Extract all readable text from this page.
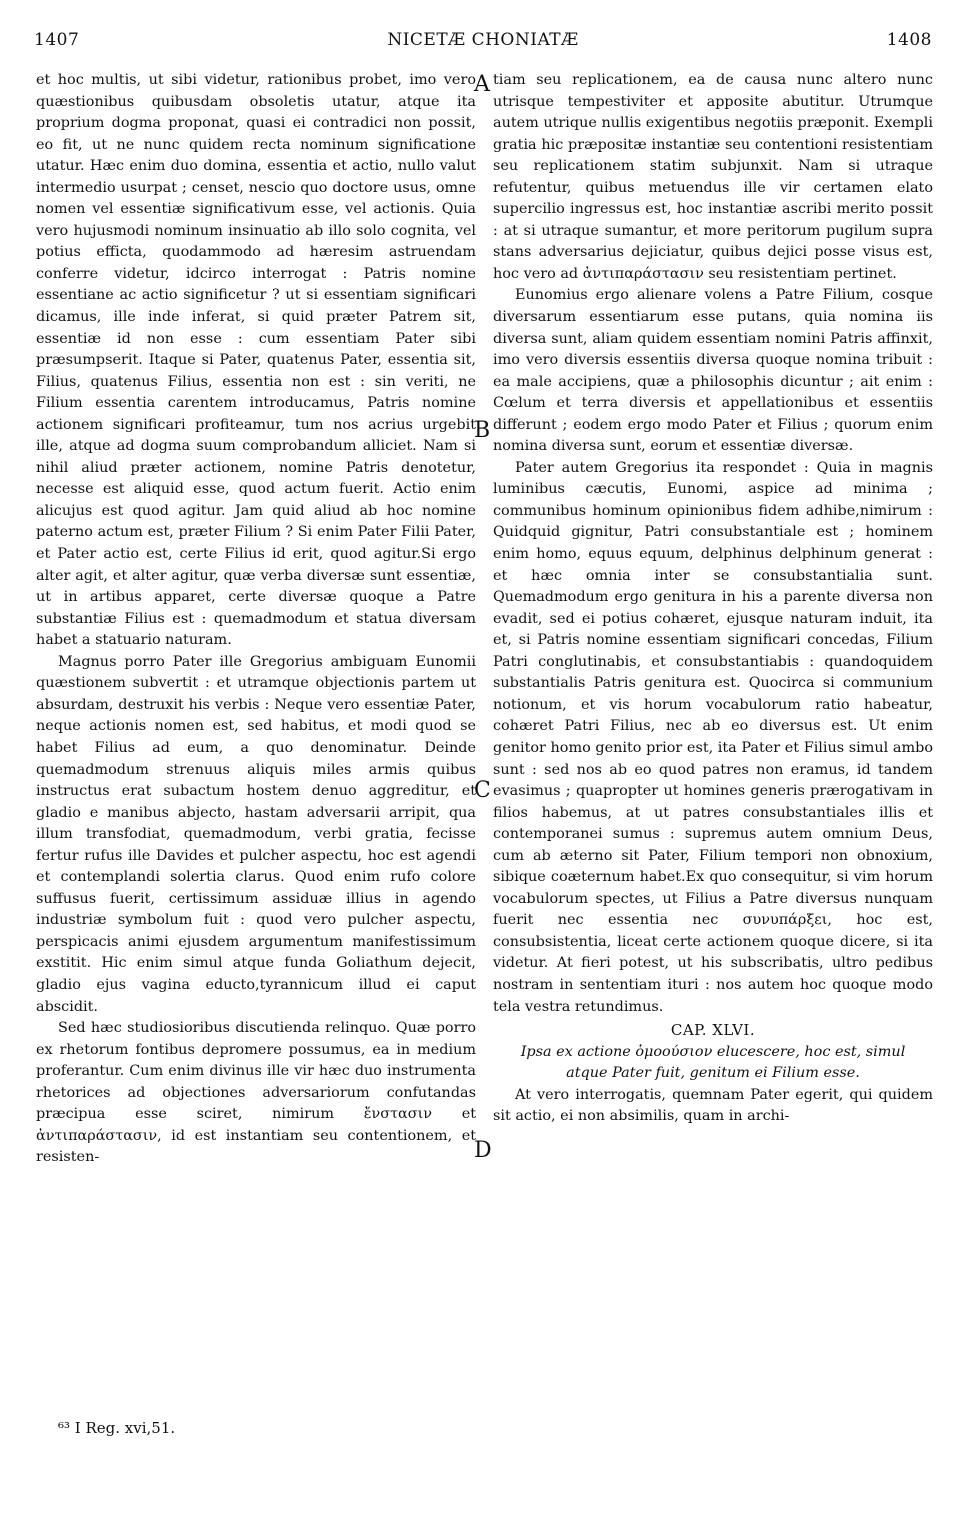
1407	NICETÆ CHONIATÆ	1408

et hoc multis, ut sibi videtur, rationibus probet, imo vero quæstionibus quibusdam obsoletis utatur, atque ita proprium dogma proponat, quasi ei contradici non possit, eo fit, ut ne nunc quidem recta nominum significatione utatur. Hæc enim duo domina, essentia et actio, nullo valut intermedio usurpat ; censet, nescio quo doctore usus, omne nomen vel essentiæ significativum esse, vel actionis. Quia vero hujusmodi nominum insinuatio ab illo solo cognita, vel potius efficta, quodammodo ad hæresim astruendam conferre videtur, idcirco interrogat : Patris nomine essentiane ac actio significetur ? ut si essentiam significari dicamus, ille inde inferat, si quid præter Patrem sit, essentiæ id non esse : cum essentiam Pater sibi præsumpserit. Itaque si Pater, quatenus Pater, essentia sit, Filius, quatenus Filius, essentia non est : sin veriti, ne Filium essentia carentem introducamus, Patris nomine actionem significari profiteamur, tum nos acrius urgebit ille, atque ad dogma suum comprobandum alliciet. Nam si nihil aliud præter actionem, nomine Patris denotetur, necesse est aliquid esse, quod actum fuerit. Actio enim alicujus est quod agitur. Jam quid aliud ab hoc nomine paterno actum est, præter Filium ? Si enim Pater Filii Pater, et Pater actio est, certe Filius id erit, quod agitur.Si ergo alter agit, et alter agitur, quæ verba diversæ sunt essentiæ, ut in artibus apparet, certe diversæ quoque a Patre substantiæ Filius est : quemadmodum et statua diversam habet a statuario naturam.

Magnus porro Pater ille Gregorius ambiguam Eunomii quæstionem subvertit : et utramque objectionis partem ut absurdam, destruxit his verbis : Neque vero essentiæ Pater, neque actionis nomen est, sed habitus, et modi quod se habet Filius ad eum, a quo denominatur. Deinde quemadmodum strenuus aliquis miles armis quibus instructus erat subactum hostem denuo aggreditur, et gladio e manibus abjecto, hastam adversarii arripit, qua illum transfodiat, quemadmodum, verbi gratia, fecisse fertur rufus ille Davides et pulcher aspectu, hoc est agendi et contemplandi solertia clarus. Quod enim rufo colore suffusus fuerit, certissimum assiduæ illius in agendo industriæ symbolum fuit : quod vero pulcher aspectu, perspicacis animi ejusdem argumentum manifestissimum exstitit. Hic enim simul atque funda Goliathum dejecit, gladio ejus vagina educto,tyrannicum illud ei caput abscidit.

Sed hæc studiosioribus discutienda relinquo. Quæ porro ex rhetorum fontibus depromere possumus, ea in medium proferantur. Cum enim divinus ille vir hæc duo instrumenta rhetorices ad objectiones adversariorum confutandas præcipua esse sciret, nimirum ἔνστασιν et ἀντιπαράστασιν, id est instantiam seu contentionem, et resisten-

tiam seu replicationem, ea de causa nunc altero nunc utrisque tempestiviter et apposite abutitur. Utrumque autem utrique nullis exigentibus negotiis præponit. Exempli gratia hic præpositæ instantiæ seu contentioni resistentiam seu replicationem statim subjunxit. Nam si utraque refutentur, quibus metuendus ille vir certamen elato supercilio ingressus est, hoc instantiæ ascribi merito possit : at si utraque sumantur, et more peritorum pugilum supra stans adversarius dejiciatur, quibus dejici posse visus est, hoc vero ad ἀντιπαράστασιν seu resistentiam pertinet.

Eunomius ergo alienare volens a Patre Filium, cosque diversarum essentiarum esse putans, quia nomina iis diversa sunt, aliam quidem essentiam nomini Patris affinxit, imo vero diversis essentiis diversa quoque nomina tribuit : ea male accipiens, quæ a philosophis dicuntur ; ait enim : Cœlum et terra diversis et appellationibus et essentiis differunt ; eodem ergo modo Pater et Filius ; quorum enim nomina diversa sunt, eorum et essentiæ diversæ.

Pater autem Gregorius ita respondet : Quia in magnis luminibus cæcutis, Eunomi, aspice ad minima ; communibus hominum opinionibus fidem adhibe,nimirum : Quidquid gignitur, Patri consubstantiale est ; hominem enim homo, equus equum, delphinus delphinum generat : et hæc omnia inter se consubstantialia sunt. Quemadmodum ergo genitura in his a parente diversa non evadit, sed ei potius cohæret, ejusque naturam induit, ita et, si Patris nomine essentiam significari concedas, Filium Patri conglutinabis, et consubstantiabis : quandoquidem substantialis Patris genitura est. Quocirca si communium notionum, et vis horum vocabulorum ratio habeatur, cohæret Patri Filius, nec ab eo diversus est. Ut enim genitor homo genito prior est, ita Pater et Filius simul ambo sunt : sed nos ab eo quod patres non eramus, id tandem evasimus ; quapropter ut homines generis prærogativam in filios habemus, at ut patres consubstantiales illis et contemporanei sumus : supremus autem omnium Deus, cum ab æterno sit Pater, Filium tempori non obnoxium, sibique coæternum habet.Ex quo consequitur, si vim horum vocabulorum spectes, ut Filius a Patre diversus nunquam fuerit nec essentia nec συνυπάρξει, hoc est, consubsistentia, liceat certe actionem quoque dicere, si ita videtur. At fieri potest, ut his subscribatis, ultro pedibus nostram in sententiam ituri : nos autem hoc quoque modo tela vestra retundimus.

CAP. XLVI.
Ipsa ex actione ὁμοούσιον elucescere, hoc est, simul atque Pater fuit, genitum ei Filium esse.

At vero interrogatis, quemnam Pater egerit, qui quidem sit actio, ei non absimilis, quam in archi-

A
B
C
D
⁶³ I Reg. xvi,51.
